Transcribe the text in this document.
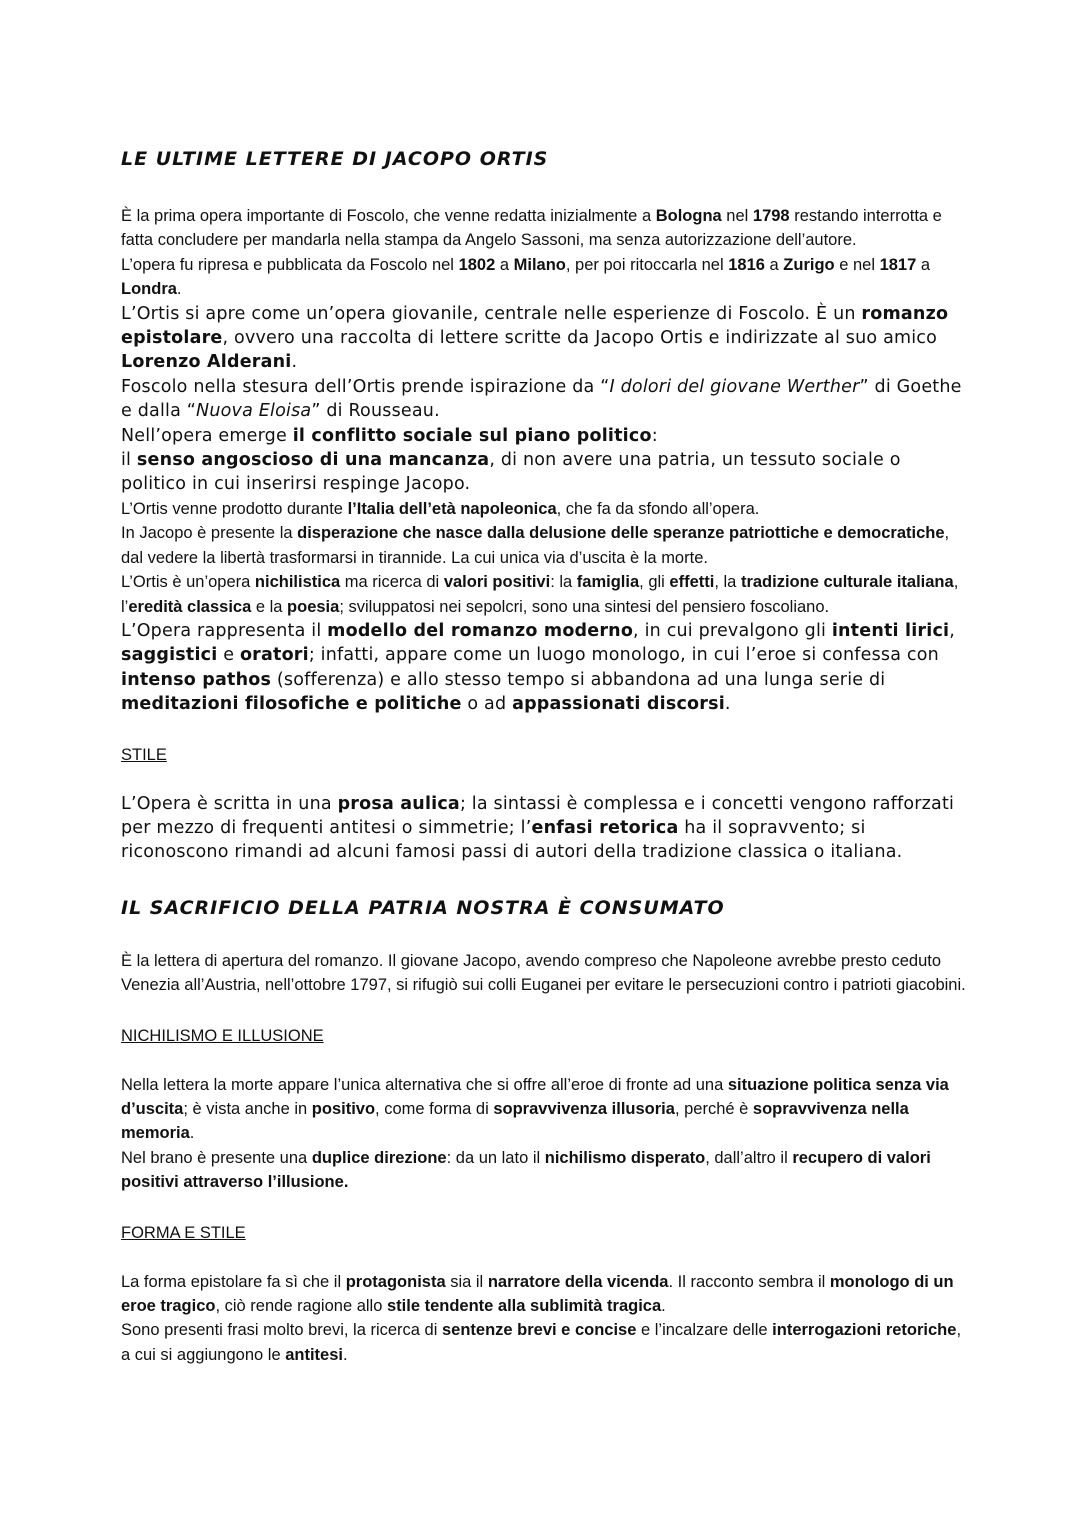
LE ULTIME LETTERE DI JACOPO ORTIS

È la prima opera importante di Foscolo, che venne redatta inizialmente a Bologna nel 1798 restando interrotta e fatta concludere per mandarla nella stampa da Angelo Sassoni, ma senza autorizzazione dell’autore.

L’opera fu ripresa e pubblicata da Foscolo nel 1802 a Milano, per poi ritoccarla nel 1816 a Zurigo e nel 1817 a Londra.

L’Ortis si apre come un’opera giovanile, centrale nelle esperienze di Foscolo. È un romanzo epistolare, ovvero una raccolta di lettere scritte da Jacopo Ortis e indirizzate al suo amico Lorenzo Alderani.

Foscolo nella stesura dell’Ortis prende ispirazione da “I dolori del giovane Werther” di Goethe e dalla “Nuova Eloisa” di Rousseau.

Nell’opera emerge il conflitto sociale sul piano politico:

il senso angoscioso di una mancanza, di non avere una patria, un tessuto sociale o politico in cui inserirsi respinge Jacopo.

L’Ortis venne prodotto durante l’Italia dell’età napoleonica, che fa da sfondo all’opera.

In Jacopo è presente la disperazione che nasce dalla delusione delle speranze patriottiche e democratiche, dal vedere la libertà trasformarsi in tirannide. La cui unica via d’uscita è la morte.

L’Ortis è un’opera nichilistica ma ricerca di valori positivi: la famiglia, gli effetti, la tradizione culturale italiana, l’eredità classica e la poesia; sviluppatosi nei sepolcri, sono una sintesi del pensiero foscoliano.

L’Opera rappresenta il modello del romanzo moderno, in cui prevalgono gli intenti lirici, saggistici e oratori; infatti, appare come un luogo monologo, in cui l’eroe si confessa con intenso pathos (sofferenza) e allo stesso tempo si abbandona ad una lunga serie di meditazioni filosofiche e politiche o ad appassionati discorsi.

STILE

L’Opera è scritta in una prosa aulica; la sintassi è complessa e i concetti vengono rafforzati per mezzo di frequenti antitesi o simmetrie; l’enfasi retorica ha il sopravvento; si riconoscono rimandi ad alcuni famosi passi di autori della tradizione classica o italiana.

IL SACRIFICIO DELLA PATRIA NOSTRA È CONSUMATO

È la lettera di apertura del romanzo. Il giovane Jacopo, avendo compreso che Napoleone avrebbe presto ceduto Venezia all’Austria, nell’ottobre 1797, si rifugiò sui colli Euganei per evitare le persecuzioni contro i patrioti giacobini.

NICHILISMO E ILLUSIONE

Nella lettera la morte appare l’unica alternativa che si offre all’eroe di fronte ad una situazione politica senza via d’uscita; è vista anche in positivo, come forma di sopravvivenza illusoria, perché è sopravvivenza nella memoria.

Nel brano è presente una duplice direzione: da un lato il nichilismo disperato, dall’altro il recupero di valori positivi attraverso l’illusione.

FORMA E STILE

La forma epistolare fa sì che il protagonista sia il narratore della vicenda. Il racconto sembra il monologo di un eroe tragico, ciò rende ragione allo stile tendente alla sublimità tragica.

Sono presenti frasi molto brevi, la ricerca di sentenze brevi e concise e l’incalzare delle interrogazioni retoriche, a cui si aggiungono le antitesi.
